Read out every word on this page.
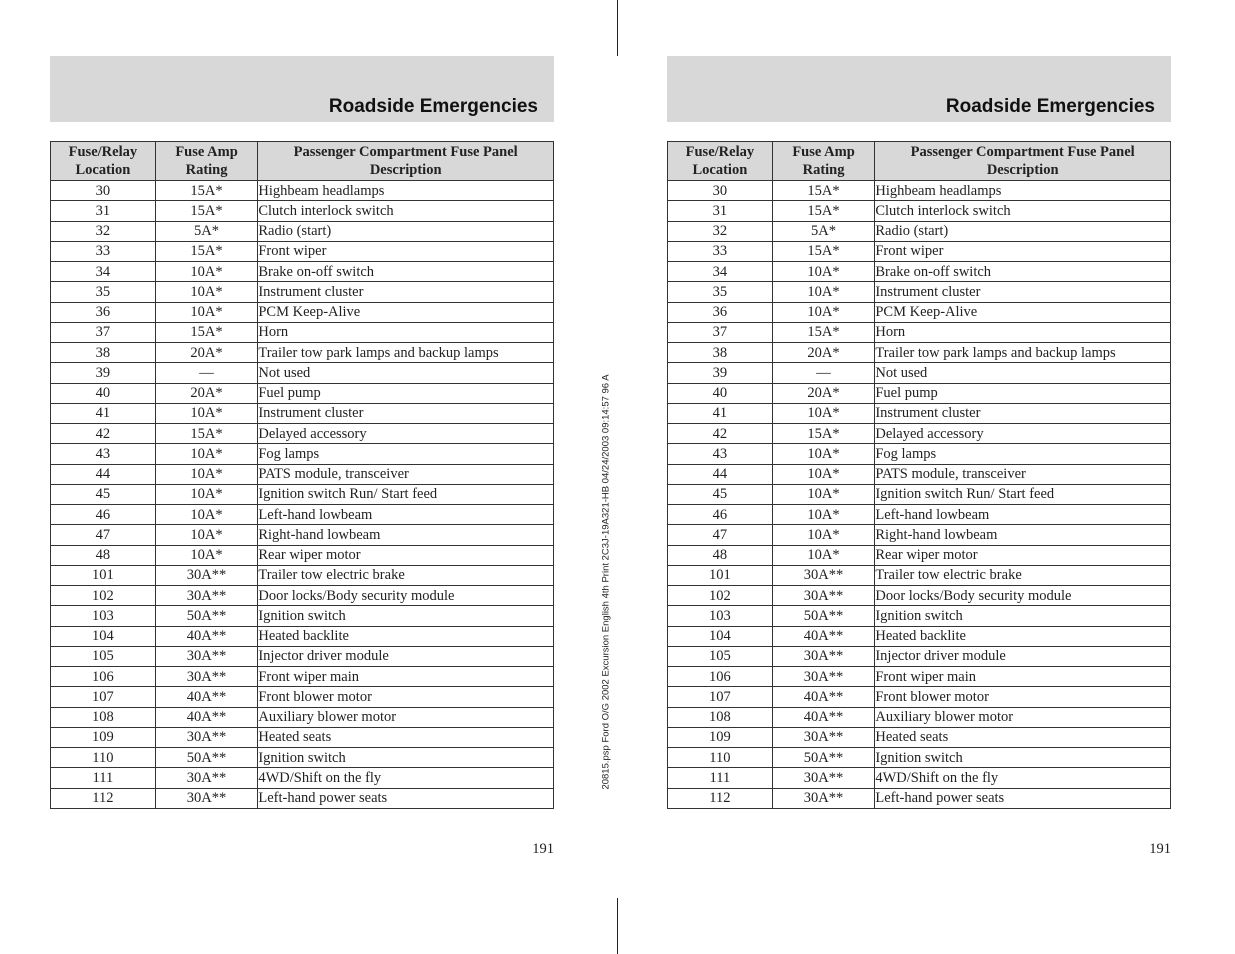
20815.psp Ford O/G 2002 Excursion English 4th Print 2C3J-19A321-HB 04/24/2003 09:14:57 96 A
Roadside Emergencies
Fuse/Relay Location	Fuse Amp Rating	Passenger Compartment Fuse Panel Description
30	15A*	Highbeam headlamps
31	15A*	Clutch interlock switch
32	5A*	Radio (start)
33	15A*	Front wiper
34	10A*	Brake on-off switch
35	10A*	Instrument cluster
36	10A*	PCM Keep-Alive
37	15A*	Horn
38	20A*	Trailer tow park lamps and backup lamps
39	—	Not used
40	20A*	Fuel pump
41	10A*	Instrument cluster
42	15A*	Delayed accessory
43	10A*	Fog lamps
44	10A*	PATS module, transceiver
45	10A*	Ignition switch Run/ Start feed
46	10A*	Left-hand lowbeam
47	10A*	Right-hand lowbeam
48	10A*	Rear wiper motor
101	30A**	Trailer tow electric brake
102	30A**	Door locks/Body security module
103	50A**	Ignition switch
104	40A**	Heated backlite
105	30A**	Injector driver module
106	30A**	Front wiper main
107	40A**	Front blower motor
108	40A**	Auxiliary blower motor
109	30A**	Heated seats
110	50A**	Ignition switch
111	30A**	4WD/Shift on the fly
112	30A**	Left-hand power seats
191
Roadside Emergencies
Fuse/Relay Location	Fuse Amp Rating	Passenger Compartment Fuse Panel Description
30	15A*	Highbeam headlamps
31	15A*	Clutch interlock switch
32	5A*	Radio (start)
33	15A*	Front wiper
34	10A*	Brake on-off switch
35	10A*	Instrument cluster
36	10A*	PCM Keep-Alive
37	15A*	Horn
38	20A*	Trailer tow park lamps and backup lamps
39	—	Not used
40	20A*	Fuel pump
41	10A*	Instrument cluster
42	15A*	Delayed accessory
43	10A*	Fog lamps
44	10A*	PATS module, transceiver
45	10A*	Ignition switch Run/ Start feed
46	10A*	Left-hand lowbeam
47	10A*	Right-hand lowbeam
48	10A*	Rear wiper motor
101	30A**	Trailer tow electric brake
102	30A**	Door locks/Body security module
103	50A**	Ignition switch
104	40A**	Heated backlite
105	30A**	Injector driver module
106	30A**	Front wiper main
107	40A**	Front blower motor
108	40A**	Auxiliary blower motor
109	30A**	Heated seats
110	50A**	Ignition switch
111	30A**	4WD/Shift on the fly
112	30A**	Left-hand power seats
191
